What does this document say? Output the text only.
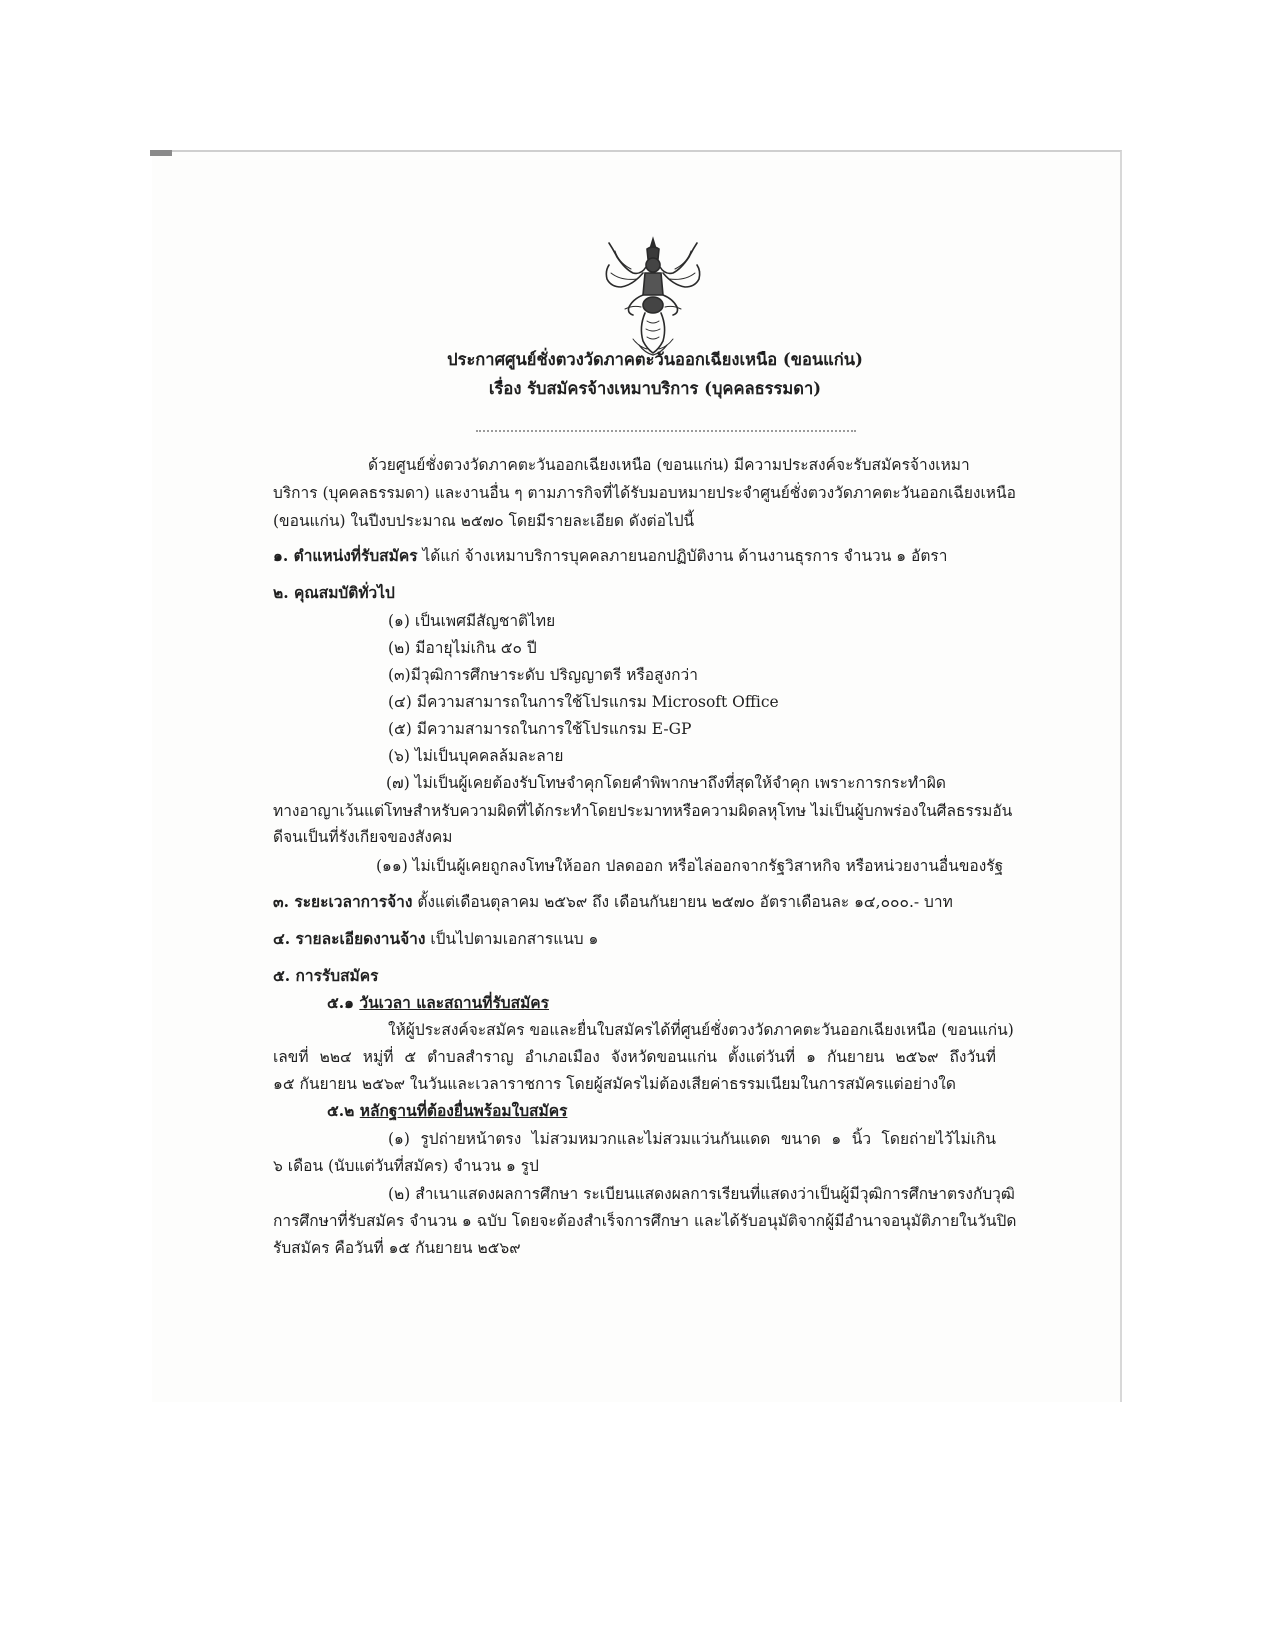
ประกาศศูนย์ชั่งตวงวัดภาคตะวันออกเฉียงเหนือ (ขอนแก่น)
เรื่อง รับสมัครจ้างเหมาบริการ (บุคคลธรรมดา)
ด้วยศูนย์ชั่งตวงวัดภาคตะวันออกเฉียงเหนือ (ขอนแก่น) มีความประสงค์จะรับสมัครจ้างเหมา
บริการ (บุคคลธรรมดา) และงานอื่น ๆ ตามภารกิจที่ได้รับมอบหมายประจำศูนย์ชั่งตวงวัดภาคตะวันออกเฉียงเหนือ
(ขอนแก่น) ในปีงบประมาณ ๒๕๗๐ โดยมีรายละเอียด ดังต่อไปนี้
๑. ตำแหน่งที่รับสมัคร ได้แก่ จ้างเหมาบริการบุคคลภายนอกปฏิบัติงาน ด้านงานธุรการ จำนวน ๑ อัตรา
๒. คุณสมบัติทั่วไป
(๑) เป็นเพศมีสัญชาติไทย
(๒) มีอายุไม่เกิน ๕๐ ปี
(๓)มีวุฒิการศึกษาระดับ ปริญญาตรี หรือสูงกว่า
(๔) มีความสามารถในการใช้โปรแกรม Microsoft Office
(๕) มีความสามารถในการใช้โปรแกรม E-GP
(๖) ไม่เป็นบุคคลล้มละลาย
(๗) ไม่เป็นผู้เคยต้องรับโทษจำคุกโดยคำพิพากษาถึงที่สุดให้จำคุก เพราะการกระทำผิด
ทางอาญาเว้นแต่โทษสำหรับความผิดที่ได้กระทำโดยประมาทหรือความผิดลหุโทษ ไม่เป็นผู้บกพร่องในศีลธรรมอัน
ดีจนเป็นที่รังเกียจของสังคม
(๑๑) ไม่เป็นผู้เคยถูกลงโทษให้ออก ปลดออก หรือไล่ออกจากรัฐวิสาหกิจ หรือหน่วยงานอื่นของรัฐ
๓. ระยะเวลาการจ้าง ตั้งแต่เดือนตุลาคม ๒๕๖๙ ถึง เดือนกันยายน ๒๕๗๐ อัตราเดือนละ ๑๔,๐๐๐.- บาท
๔. รายละเอียดงานจ้าง เป็นไปตามเอกสารแนบ ๑
๕. การรับสมัคร
๕.๑ วันเวลา และสถานที่รับสมัคร
ให้ผู้ประสงค์จะสมัคร ขอและยื่นใบสมัครได้ที่ศูนย์ชั่งตวงวัดภาคตะวันออกเฉียงเหนือ (ขอนแก่น)
เลขที่ ๒๒๔ หมู่ที่ ๕ ตำบลสำราญ อำเภอเมือง จังหวัดขอนแก่น ตั้งแต่วันที่ ๑ กันยายน ๒๕๖๙ ถึงวันที่
๑๕ กันยายน ๒๕๖๙ ในวันและเวลาราชการ โดยผู้สมัครไม่ต้องเสียค่าธรรมเนียมในการสมัครแต่อย่างใด
๕.๒ หลักฐานที่ต้องยื่นพร้อมใบสมัคร
(๑) รูปถ่ายหน้าตรง ไม่สวมหมวกและไม่สวมแว่นกันแดด ขนาด ๑ นิ้ว โดยถ่ายไว้ไม่เกิน
๖ เดือน (นับแต่วันที่สมัคร) จำนวน ๑ รูป
(๒) สำเนาแสดงผลการศึกษา ระเบียนแสดงผลการเรียนที่แสดงว่าเป็นผู้มีวุฒิการศึกษาตรงกับวุฒิ
การศึกษาที่รับสมัคร จำนวน ๑ ฉบับ โดยจะต้องสำเร็จการศึกษา และได้รับอนุมัติจากผู้มีอำนาจอนุมัติภายในวันปิด
รับสมัคร คือวันที่ ๑๕ กันยายน ๒๕๖๙
